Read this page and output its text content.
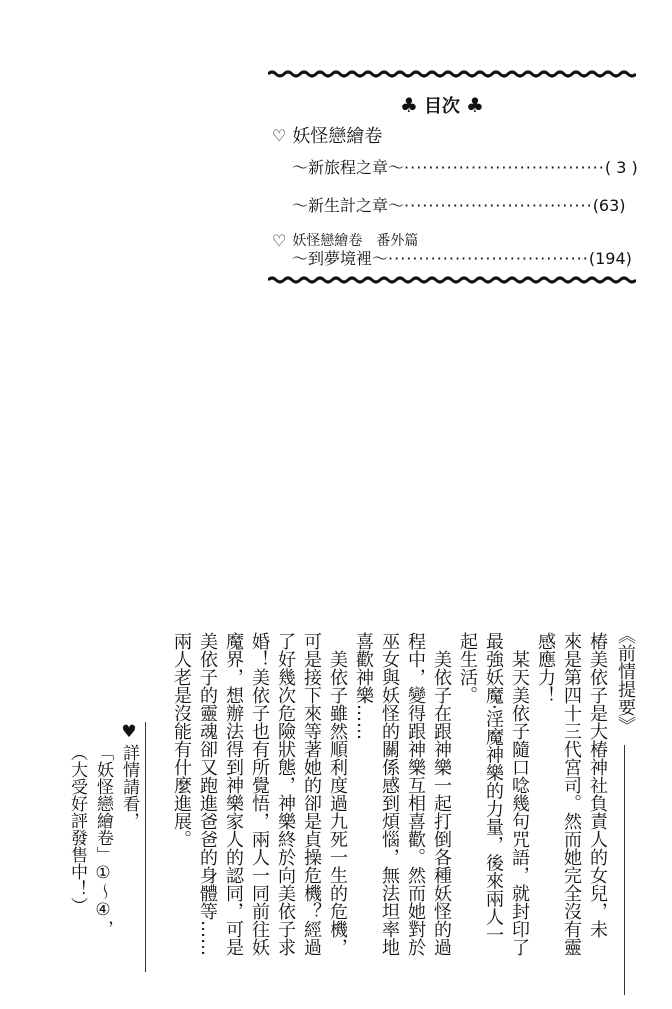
♣ 目次 ♣
♡ 妖怪戀繪卷
～新旅程之章～·································( 3 )
～新生計之章～·······························(63)
♡ 妖怪戀繪卷　番外篇
～到夢境裡～·································(194)
《前情提要》
椿美依子是大椿神社負責人的女兒，未
來是第四十三代宮司。然而她完全沒有靈
感應力！
某天美依子隨口唸幾句咒語，就封印了
最強妖魔‧淫魔神樂的力量，後來兩人一
起生活。
美依子在跟神樂一起打倒各種妖怪的過
程中，變得跟神樂互相喜歡。然而她對於
巫女與妖怪的關係感到煩惱，無法坦率地
喜歡神樂……
美依子雖然順利度過九死一生的危機，
可是接下來等著她的卻是貞操危機？經過
了好幾次危險狀態，神樂終於向美依子求
婚！美依子也有所覺悟，兩人一同前往妖
魔界，想辦法得到神樂家人的認同，可是
美依子的靈魂卻又跑進爸爸的身體等……
兩人老是沒能有什麼進展。
♥
詳情請看，
「妖怪戀繪卷」①～④，
（大受好評發售中！）
